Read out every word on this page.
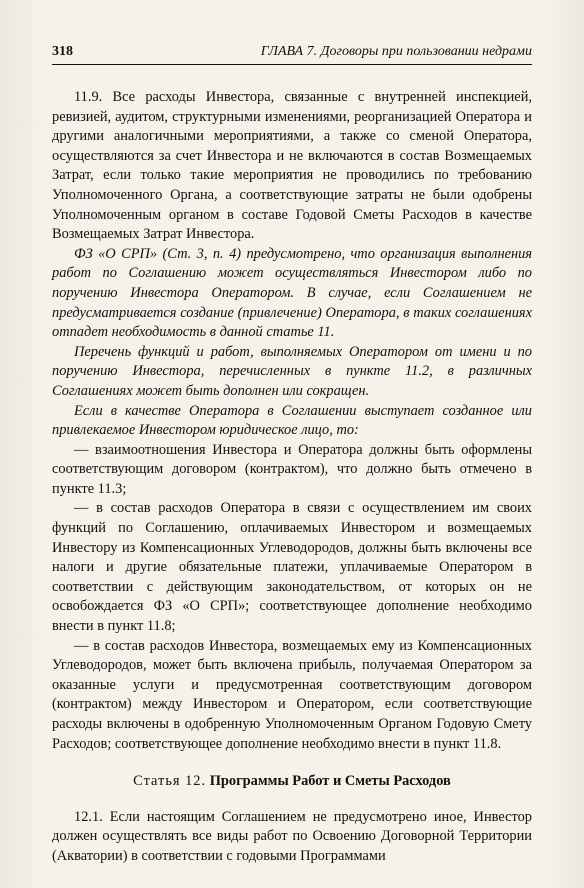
318	ГЛАВА 7. Договоры при пользовании недрами

11.9. Все расходы Инвестора, связанные с внутренней инспекцией, ревизией, аудитом, структурными изменениями, реорганизацией Оператора и другими аналогичными мероприятиями, а также со сменой Оператора, осуществляются за счет Инвестора и не включаются в состав Возмещаемых Затрат, если только такие мероприятия не проводились по требованию Уполномоченного Органа, а соответствующие затраты не были одобрены Уполномоченным органом в составе Годовой Сметы Расходов в качестве Возмещаемых Затрат Инвестора.

ФЗ «О СРП» (Ст. 3, п. 4) предусмотрено, что организация выполнения работ по Соглашению может осуществляться Инвестором либо по поручению Инвестора Оператором. В случае, если Соглашением не предусматривается создание (привлечение) Оператора, в таких соглашениях отпадет необходимость в данной статье 11.

Перечень функций и работ, выполняемых Оператором от имени и по поручению Инвестора, перечисленных в пункте 11.2, в различных Соглашениях может быть дополнен или сокращен.

Если в качестве Оператора в Соглашении выступает созданное или привлекаемое Инвестором юридическое лицо, то:

— взаимоотношения Инвестора и Оператора должны быть оформлены соответствующим договором (контрактом), что должно быть отмечено в пункте 11.3;

— в состав расходов Оператора в связи с осуществлением им своих функций по Соглашению, оплачиваемых Инвестором и возмещаемых Инвестору из Компенсационных Углеводородов, должны быть включены все налоги и другие обязательные платежи, уплачиваемые Оператором в соответствии с действующим законодательством, от которых он не освобождается ФЗ «О СРП»; соответствующее дополнение необходимо внести в пункт 11.8;

— в состав расходов Инвестора, возмещаемых ему из Компенсационных Углеводородов, может быть включена прибыль, получаемая Оператором за оказанные услуги и предусмотренная соответствующим договором (контрактом) между Инвестором и Оператором, если соответствующие расходы включены в одобренную Уполномоченным Органом Годовую Смету Расходов; соответствующее дополнение необходимо внести в пункт 11.8.

Статья 12. Программы Работ и Сметы Расходов

12.1. Если настоящим Соглашением не предусмотрено иное, Инвестор должен осуществлять все виды работ по Освоению Договорной Территории (Акватории) в соответствии с годовыми Программами
